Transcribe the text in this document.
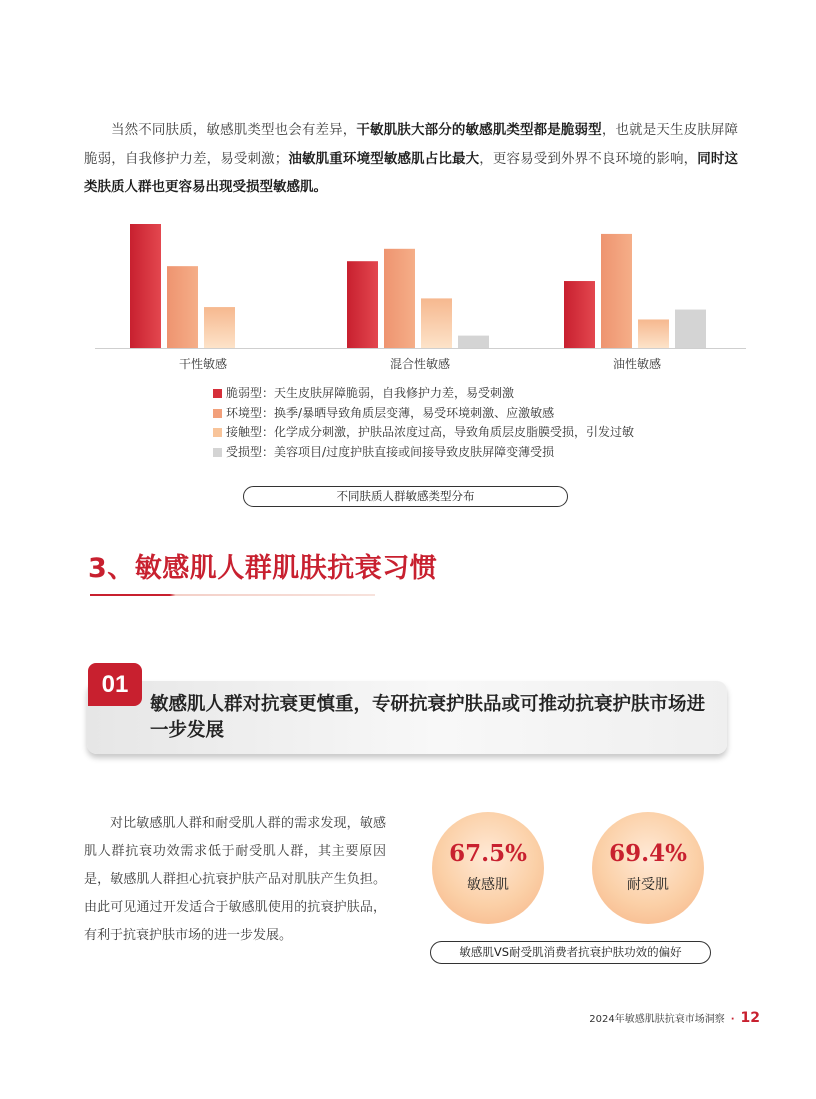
当然不同肤质，敏感肌类型也会有差异，干敏肌肤大部分的敏感肌类型都是脆弱型，也就是天生皮肤屏障脆弱，自我修护力差，易受刺激；油敏肌重环境型敏感肌占比最大，更容易受到外界不良环境的影响，同时这类肤质人群也更容易出现受损型敏感肌。

干性敏感	混合性敏感	油性敏感
脆弱型 ： 天生皮肤屏障脆弱，自我修护力差，易受刺激
环境型 ： 换季/暴晒导致角质层变薄，易受环境刺激、应激敏感
接触型 ： 化学成分刺激，护肤品浓度过高，导致角质层皮脂膜受损，引发过敏
受损型 ： 美容项目/过度护肤直接或间接导致皮肤屏障变薄受损
不同肤质人群敏感类型分布
3、敏感肌人群肌肤抗衰习惯
01

敏感肌人群对抗衰更慎重，专研抗衰护肤品或可推动抗衰护肤市场进一步发展

对比敏感肌人群和耐受肌人群的需求发现，敏感肌人群抗衰功效需求低于耐受肌人群，其主要原因是，敏感肌人群担心抗衰护肤产品对肌肤产生负担。由此可见通过开发适合于敏感肌使用的抗衰护肤品，有利于抗衰护肤市场的进一步发展。

67.5%
敏感肌
69.4%
耐受肌
敏感肌VS耐受肌消费者抗衰护肤功效的偏好
2024年敏感肌肤抗衰市场洞察 · 12
